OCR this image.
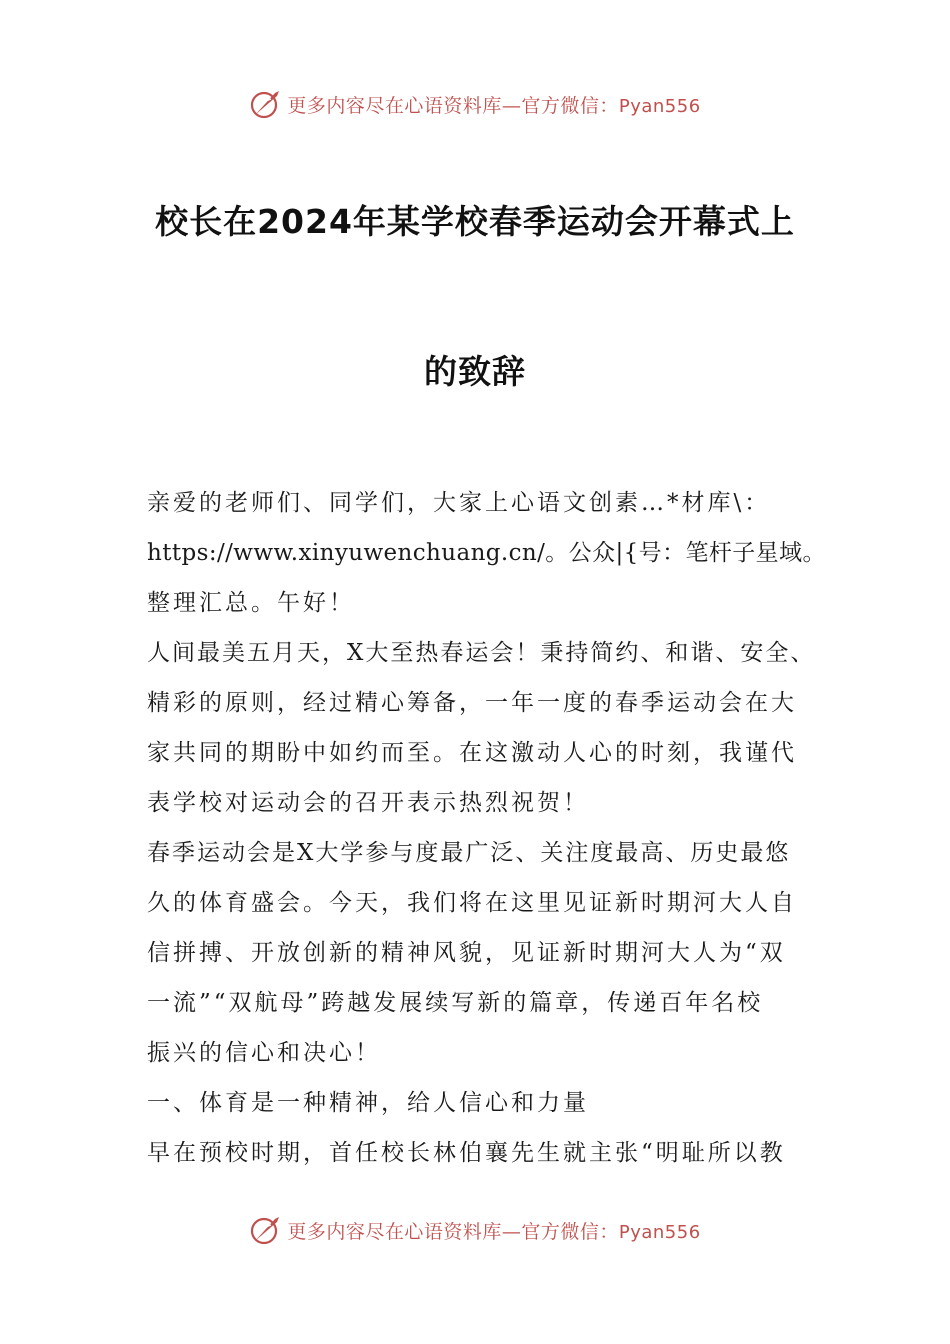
更多内容尽在心语资料库—官方微信：Pyan556
校长在2024年某学校春季运动会开幕式上
的致辞
亲爱的老师们、同学们，大家上心语文创素…*材库\：
https://www.xinyuwenchuang.cn/。公众|{号：笔杆子星域。
整理汇总。午好！
人间最美五月天，X大至热春运会！秉持简约、和谐、安全、
精彩的原则，经过精心筹备，一年一度的春季运动会在大
家共同的期盼中如约而至。在这激动人心的时刻，我谨代
表学校对运动会的召开表示热烈祝贺！
春季运动会是X大学参与度最广泛、关注度最高、历史最悠
久的体育盛会。今天，我们将在这里见证新时期河大人自
信拼搏、开放创新的精神风貌，见证新时期河大人为“双
一流”“双航母”跨越发展续写新的篇章，传递百年名校
振兴的信心和决心！
一、体育是一种精神，给人信心和力量
早在预校时期，首任校长林伯襄先生就主张“明耻所以教
更多内容尽在心语资料库—官方微信：Pyan556
